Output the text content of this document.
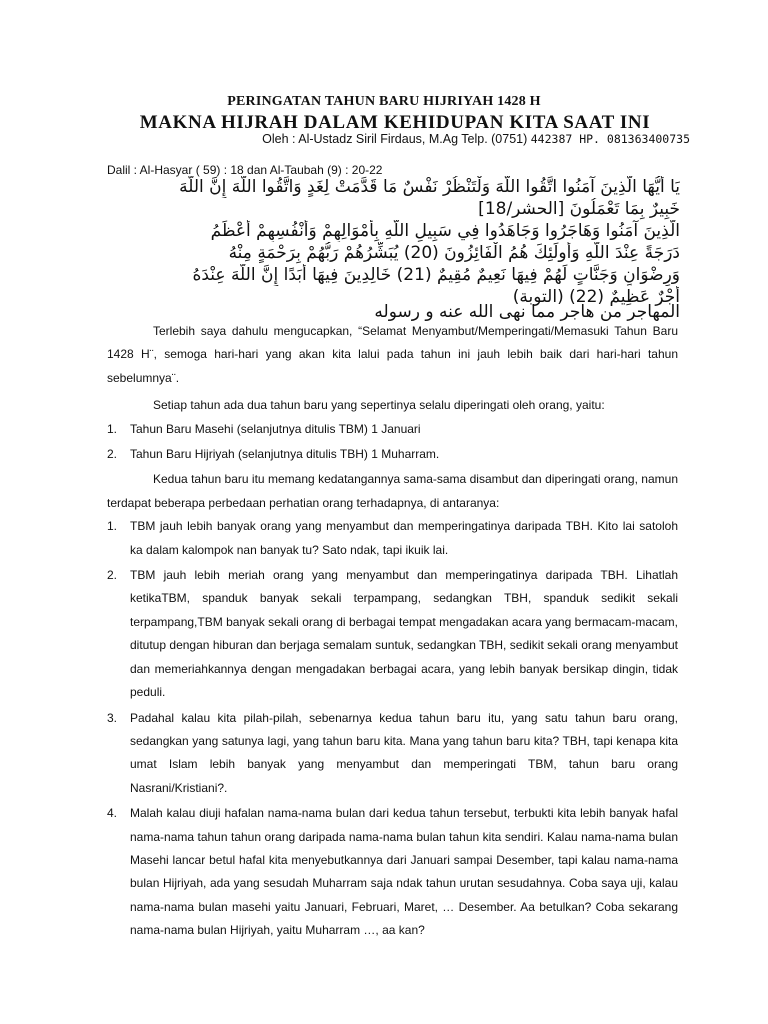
PERINGATAN TAHUN BARU HIJRIYAH 1428 H
MAKNA HIJRAH DALAM KEHIDUPAN KITA SAAT INI
Oleh : Al-Ustadz Siril Firdaus, M.Ag Telp. (0751) 442387 HP. 081363400735
Dalil : Al-Hasyar ( 59) : 18 dan Al-Taubah (9) : 20-22
يَا أَيُّهَا الَّذِينَ آمَنُوا اتَّقُوا اللَّهَ وَلْتَنْظُرْ نَفْسٌ مَا قَدَّمَتْ لِغَدٍ وَاتَّقُوا اللَّهَ إِنَّ اللَّهَ
خَبِيرٌ بِمَا تَعْمَلُونَ [الحشر/18]
الَّذِينَ آمَنُوا وَهَاجَرُوا وَجَاهَدُوا فِي سَبِيلِ اللَّهِ بِأَمْوَالِهِمْ وَأَنْفُسِهِمْ أَعْظَمُ
دَرَجَةً عِنْدَ اللَّهِ وَأُولَئِكَ هُمُ الْفَائِزُونَ (20) يُبَشِّرُهُمْ رَبُّهُمْ بِرَحْمَةٍ مِنْهُ
وَرِضْوَانٍ وَجَنَّاتٍ لَهُمْ فِيهَا نَعِيمٌ مُقِيمٌ (21) خَالِدِينَ فِيهَا أَبَدًا إِنَّ اللَّهَ عِنْدَهُ
أَجْرٌ عَظِيمٌ (22) (التوبة)
المهاجر من هاجر مما نهى الله عنه و رسوله

Terlebih saya dahulu mengucapkan, “Selamat Menyambut/Memperingati/Memasuki Tahun Baru 1428 H¨, semoga hari-hari yang akan kita lalui pada tahun ini jauh lebih baik dari hari-hari tahun sebelumnya¨.

Setiap tahun ada dua tahun baru yang sepertinya selalu diperingati oleh orang, yaitu:

1. Tahun Baru Masehi (selanjutnya ditulis TBM) 1 Januari
2. Tahun Baru Hijriyah (selanjutnya ditulis TBH) 1 Muharram.

Kedua tahun baru itu memang kedatangannya sama-sama disambut dan diperingati orang, namun terdapat beberapa perbedaan perhatian orang terhadapnya, di antaranya:

1. TBM jauh lebih banyak orang yang menyambut dan memperingatinya daripada TBH. Kito lai satoloh ka dalam kalompok nan banyak tu? Sato ndak, tapi ikuik lai.
2. TBM jauh lebih meriah orang yang menyambut dan memperingatinya daripada TBH. Lihatlah ketikaTBM, spanduk banyak sekali terpampang, sedangkan TBH, spanduk sedikit sekali terpampang,TBM banyak sekali orang di berbagai tempat mengadakan acara yang bermacam-macam, ditutup dengan hiburan dan berjaga semalam suntuk, sedangkan TBH, sedikit sekali orang menyambut dan memeriahkannya dengan mengadakan berbagai acara, yang lebih banyak bersikap dingin, tidak peduli.
3. Padahal kalau kita pilah-pilah, sebenarnya kedua tahun baru itu, yang satu tahun baru orang, sedangkan yang satunya lagi, yang tahun baru kita. Mana yang tahun baru kita? TBH, tapi kenapa kita umat Islam lebih banyak yang menyambut dan memperingati TBM, tahun baru orang Nasrani/Kristiani?.
4. Malah kalau diuji hafalan nama-nama bulan dari kedua tahun tersebut, terbukti kita lebih banyak hafal nama-nama tahun tahun orang daripada nama-nama bulan tahun kita sendiri. Kalau nama-nama bulan Masehi lancar betul hafal kita menyebutkannya dari Januari sampai Desember, tapi kalau nama-nama bulan Hijriyah, ada yang sesudah Muharram saja ndak tahun urutan sesudahnya. Coba saya uji, kalau nama-nama bulan masehi yaitu Januari, Februari, Maret, … Desember. Aa betulkan? Coba sekarang nama-nama bulan Hijriyah, yaitu Muharram …, aa kan?
